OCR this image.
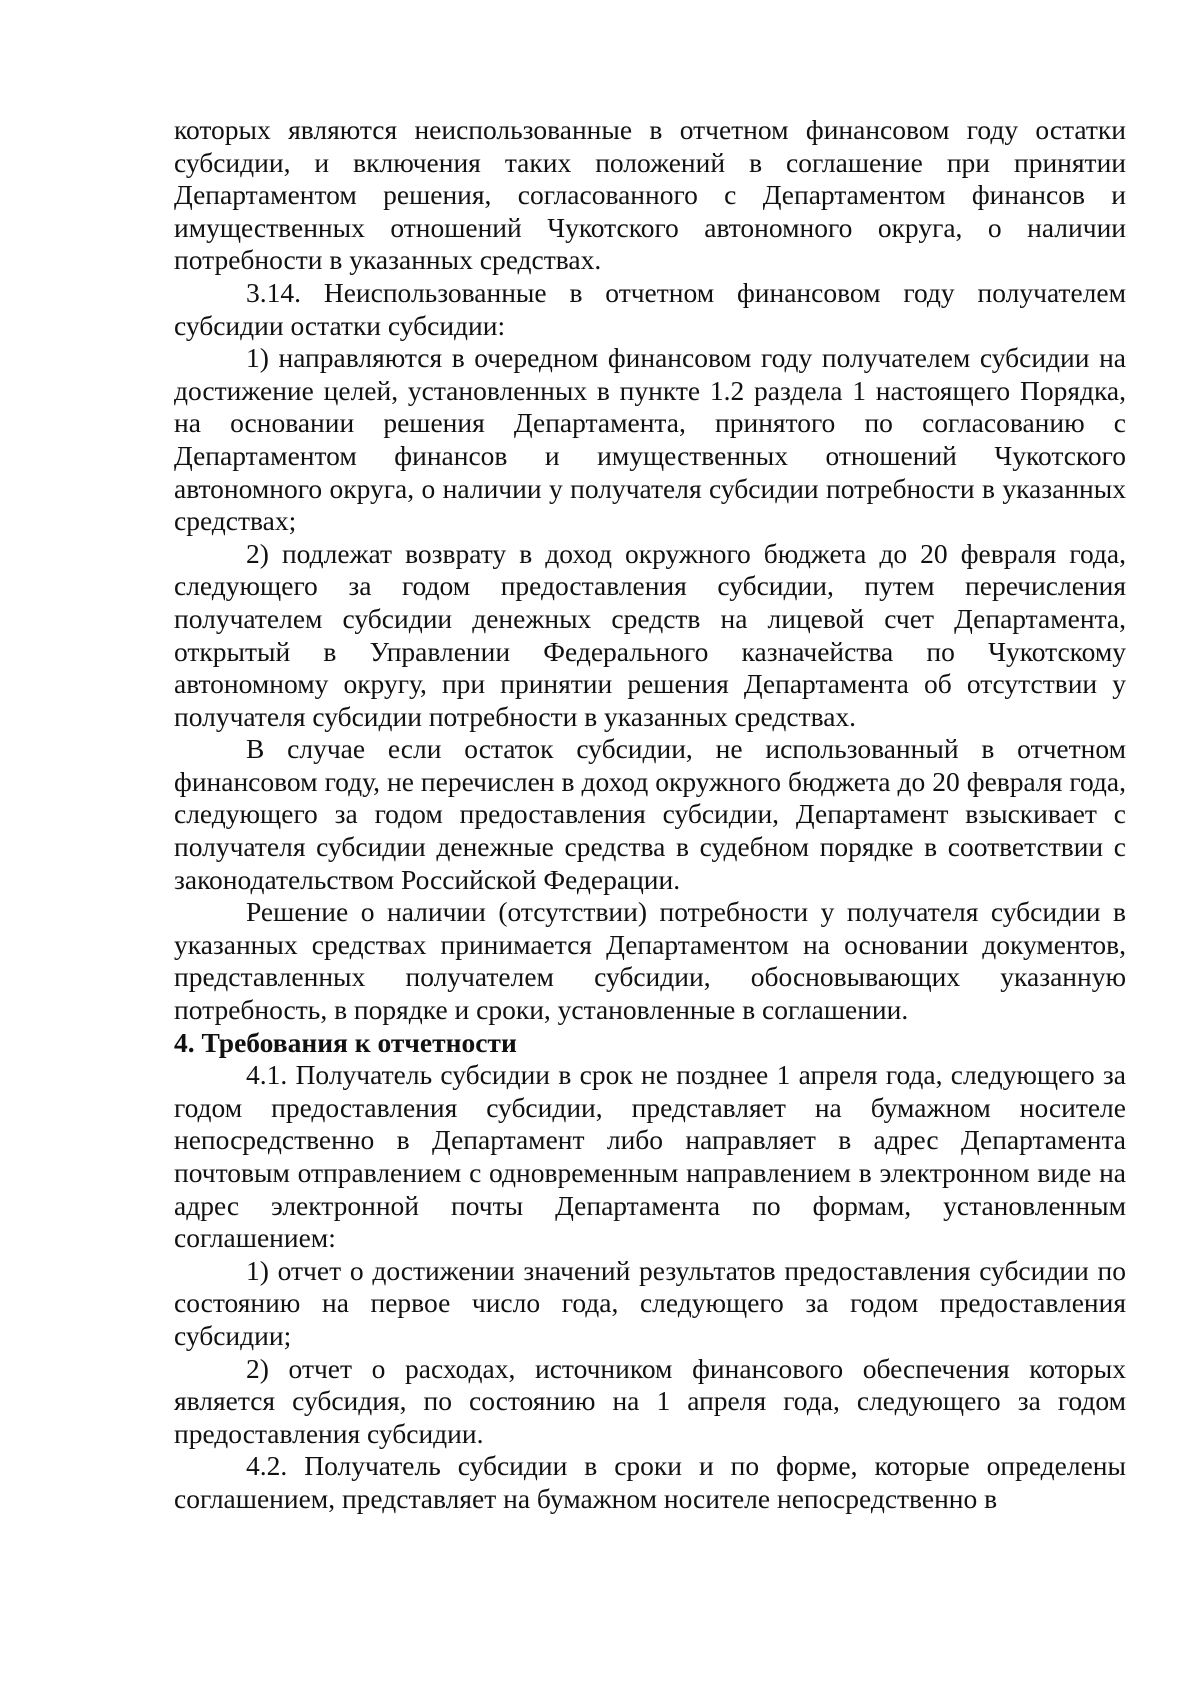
которых являются неиспользованные в отчетном финансовом году остатки субсидии, и включения таких положений в соглашение при принятии Департаментом решения, согласованного с Департаментом финансов и имущественных отношений Чукотского автономного округа, о наличии потребности в указанных средствах.

3.14. Неиспользованные в отчетном финансовом году получателем субсидии остатки субсидии:

1) направляются в очередном финансовом году получателем субсидии на достижение целей, установленных в пункте 1.2 раздела 1 настоящего Порядка, на основании решения Департамента, принятого по согласованию с Департаментом финансов и имущественных отношений Чукотского автономного округа, о наличии у получателя субсидии потребности в указанных средствах;

2) подлежат возврату в доход окружного бюджета до 20 февраля года, следующего за годом предоставления субсидии, путем перечисления получателем субсидии денежных средств на лицевой счет Департамента, открытый в Управлении Федерального казначейства по Чукотскому автономному округу, при принятии решения Департамента об отсутствии у получателя субсидии потребности в указанных средствах.

В случае если остаток субсидии, не использованный в отчетном финансовом году, не перечислен в доход окружного бюджета до 20 февраля года, следующего за годом предоставления субсидии, Департамент взыскивает с получателя субсидии денежные средства в судебном порядке в соответствии с законодательством Российской Федерации.

Решение о наличии (отсутствии) потребности у получателя субсидии в указанных средствах принимается Департаментом на основании документов, представленных получателем субсидии, обосновывающих указанную потребность, в порядке и сроки, установленные в соглашении.

4. Требования к отчетности

4.1. Получатель субсидии в срок не позднее 1 апреля года, следующего за годом предоставления субсидии, представляет на бумажном носителе непосредственно в Департамент либо направляет в адрес Департамента почтовым отправлением с одновременным направлением в электронном виде на адрес электронной почты Департамента по формам, установленным соглашением:

1) отчет о достижении значений результатов предоставления субсидии по состоянию на первое число года, следующего за годом предоставления субсидии;

2) отчет о расходах, источником финансового обеспечения которых является субсидия, по состоянию на 1 апреля года, следующего за годом предоставления субсидии.

4.2. Получатель субсидии в сроки и по форме, которые определены соглашением, представляет на бумажном носителе непосредственно в
